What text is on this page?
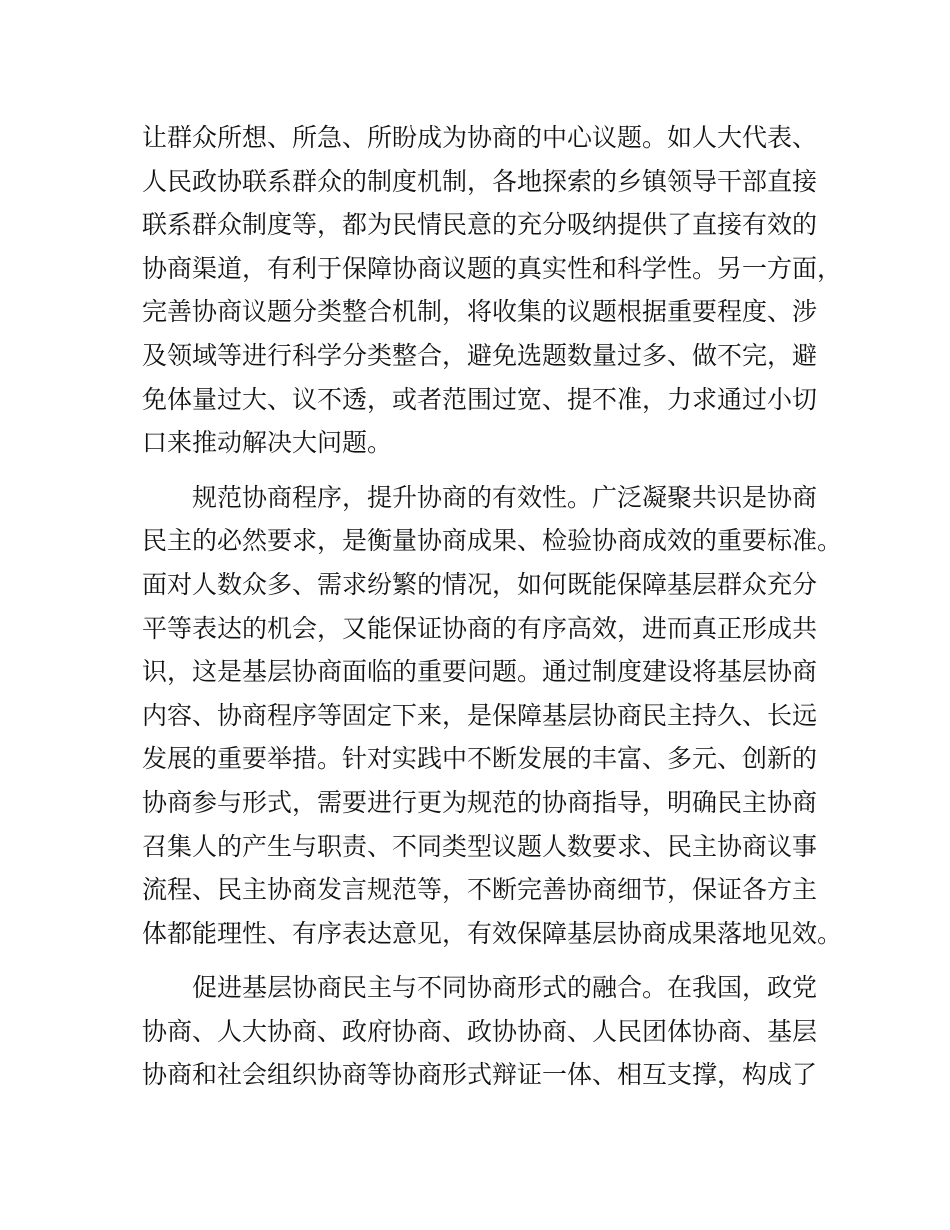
让群众所想、所急、所盼成为协商的中心议题。如人大代表、
人民政协联系群众的制度机制，各地探索的乡镇领导干部直接
联系群众制度等，都为民情民意的充分吸纳提供了直接有效的
协商渠道，有利于保障协商议题的真实性和科学性。另一方面，
完善协商议题分类整合机制，将收集的议题根据重要程度、涉
及领域等进行科学分类整合，避免选题数量过多、做不完，避
免体量过大、议不透，或者范围过宽、提不准，力求通过小切
口来推动解决大问题。
规范协商程序，提升协商的有效性。广泛凝聚共识是协商
民主的必然要求，是衡量协商成果、检验协商成效的重要标准。
面对人数众多、需求纷繁的情况，如何既能保障基层群众充分
平等表达的机会，又能保证协商的有序高效，进而真正形成共
识，这是基层协商面临的重要问题。通过制度建设将基层协商
内容、协商程序等固定下来，是保障基层协商民主持久、长远
发展的重要举措。针对实践中不断发展的丰富、多元、创新的
协商参与形式，需要进行更为规范的协商指导，明确民主协商
召集人的产生与职责、不同类型议题人数要求、民主协商议事
流程、民主协商发言规范等，不断完善协商细节，保证各方主
体都能理性、有序表达意见，有效保障基层协商成果落地见效。
促进基层协商民主与不同协商形式的融合。在我国，政党
协商、人大协商、政府协商、政协协商、人民团体协商、基层
协商和社会组织协商等协商形式辩证一体、相互支撑，构成了
